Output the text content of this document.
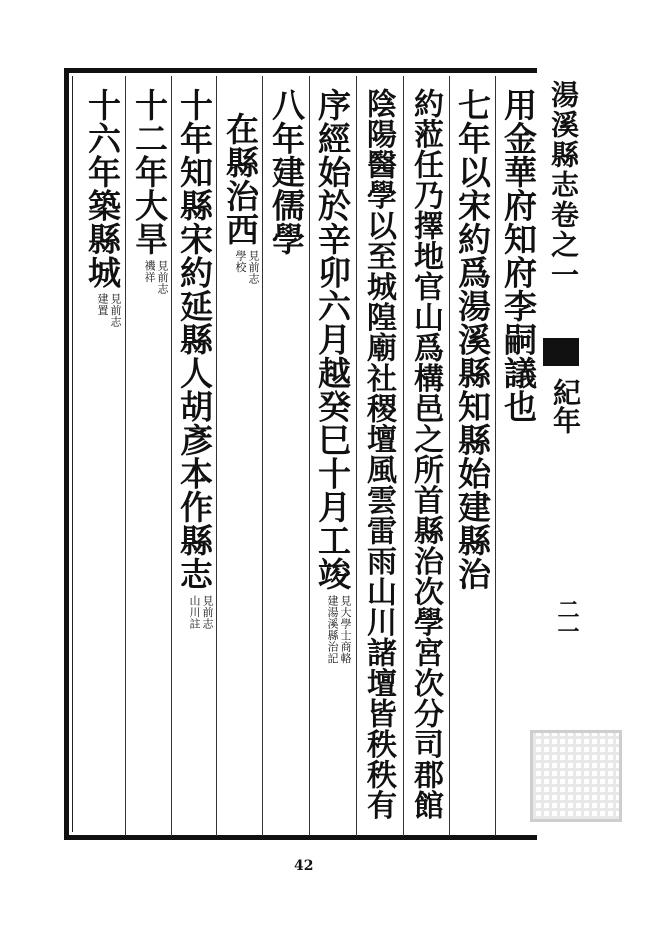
用金華府知府李嗣議也
七年以宋約爲湯溪縣知縣始建縣治
約蒞任乃擇地官山爲構邑之所首縣治次學宮次分司郡館
陰陽醫學以至城隍廟社稷壇風雲雷雨山川諸壇皆秩秩有
序經始於辛卯六月越癸巳十月工竣
見大學士商輅
建湯溪縣治記
八年建儒學
在縣治西
見前志
學校
十年知縣宋約延縣人胡彥本作縣志
見前志
山川註
十二年大旱
見前志
禨祥
十六年築縣城
見前志
建置
湯溪縣志卷之一
紀年
二一
42
